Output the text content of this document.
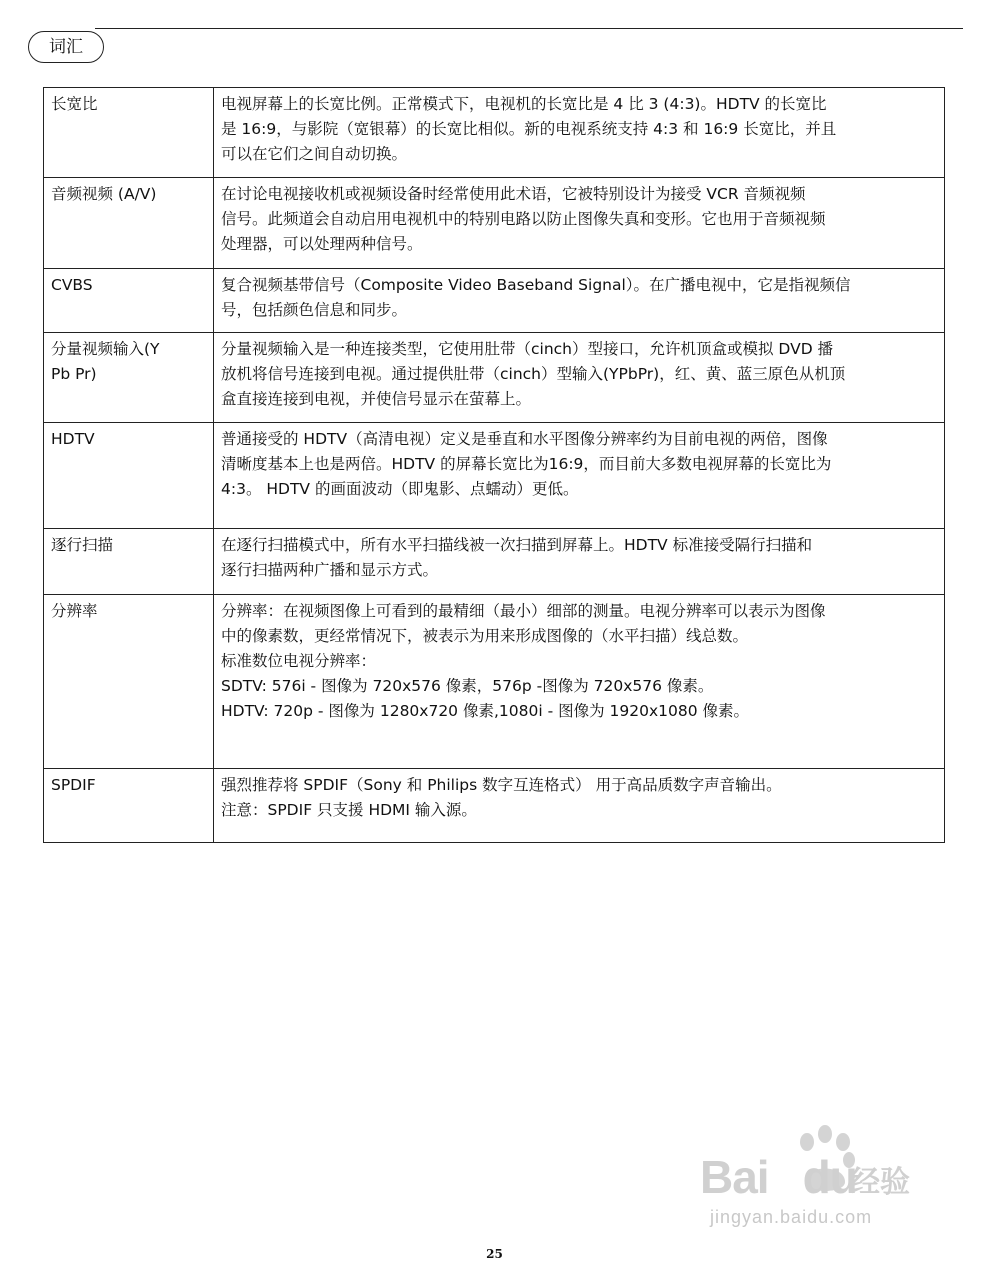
词汇
长宽比	电视屏幕上的长宽比例。正常模式下，电视机的长宽比是 4 比 3 (4:3)。HDTV 的长宽比
是 16:9，与影院（宽银幕）的长宽比相似。新的电视系统支持 4:3 和 16:9 长宽比，并且
可以在它们之间自动切换。

音频视频 (A/V)	在讨论电视接收机或视频设备时经常使用此术语，它被特别设计为接受 VCR 音频视频
信号。此频道会自动启用电视机中的特别电路以防止图像失真和变形。它也用于音频视频
处理器，可以处理两种信号。

CVBS	复合视频基带信号（Composite Video Baseband Signal）。在广播电视中，它是指视频信
号，包括颜色信息和同步。

分量视频输入(Y
Pb Pr)	分量视频输入是一种连接类型，它使用肚带（cinch）型接口，允许机顶盒或模拟 DVD 播
放机将信号连接到电视。通过提供肚带（cinch）型输入(YPbPr)，红、黄、蓝三原色从机顶
盒直接连接到电视，并使信号显示在萤幕上。

HDTV	普通接受的 HDTV（高清电视）定义是垂直和水平图像分辨率约为目前电视的两倍，图像
清晰度基本上也是两倍。HDTV 的屏幕长宽比为16:9，而目前大多数电视屏幕的长宽比为
4:3。 HDTV 的画面波动（即鬼影、点蠕动）更低。

逐行扫描	在逐行扫描模式中，所有水平扫描线被一次扫描到屏幕上。HDTV 标准接受隔行扫描和
逐行扫描两种广播和显示方式。

分辨率	分辨率：在视频图像上可看到的最精细（最小）细部的测量。电视分辨率可以表示为图像
中的像素数，更经常情况下，被表示为用来形成图像的（水平扫描）线总数。
标准数位电视分辨率：
SDTV: 576i - 图像为 720x576 像素，576p -图像为 720x576 像素。
HDTV: 720p - 图像为 1280x720 像素,1080i - 图像为 1920x1080 像素。

SPDIF	强烈推荐将 SPDIF（Sony 和 Philips 数字互连格式） 用于高品质数字声音输出。
注意：SPDIF 只支援 HDMI 输入源。
Bai du
经验
jingyan.baidu.com
25
